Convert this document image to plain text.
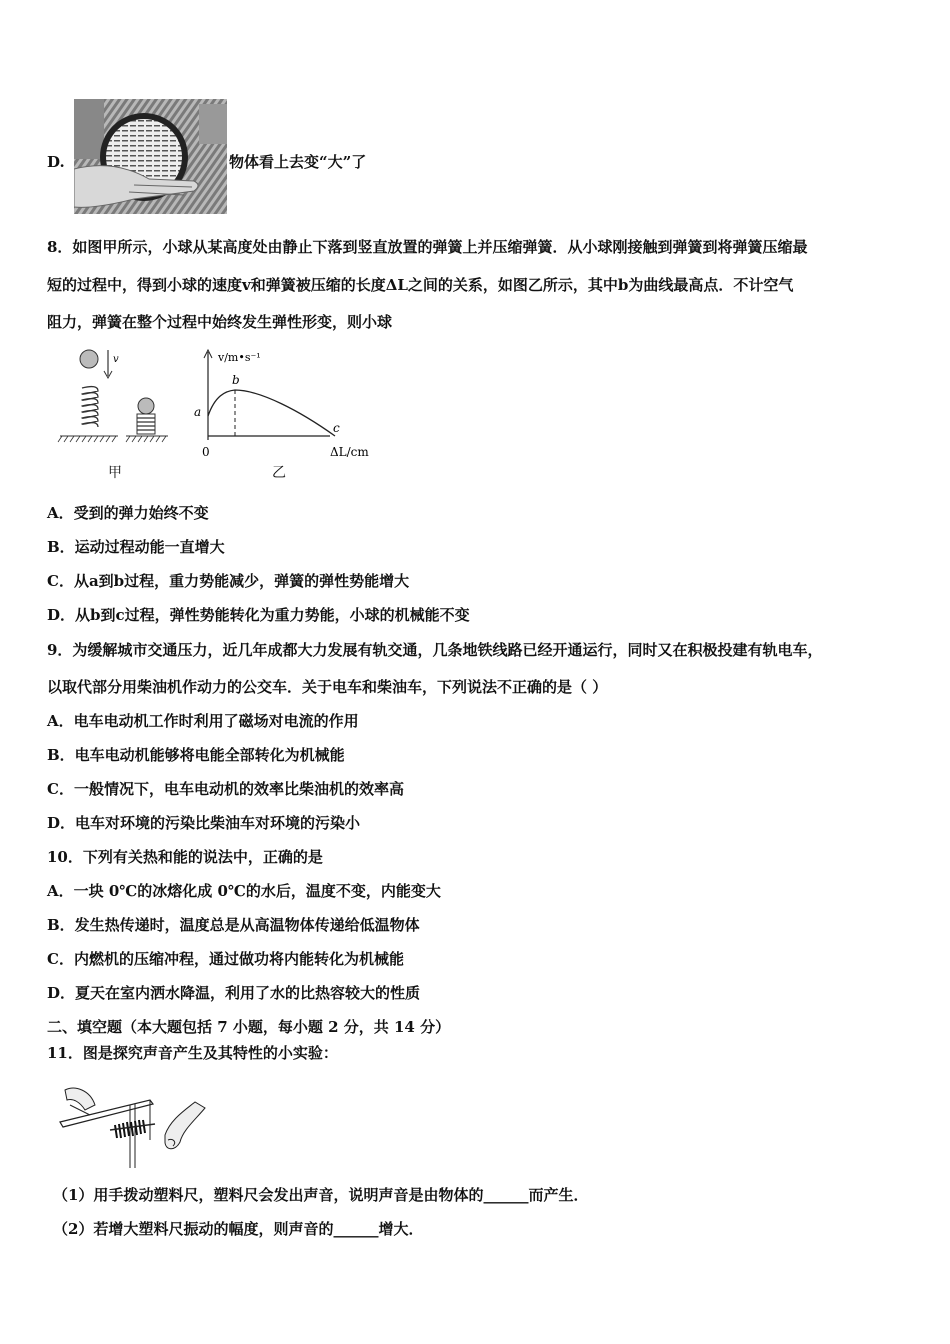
D.	物体看上去变“大”了
8．如图甲所示，小球从某高度处由静止下落到竖直放置的弹簧上并压缩弹簧．从小球刚接触到弹簧到将弹簧压缩最
短的过程中，得到小球的速度v和弹簧被压缩的长度ΔL之间的关系，如图乙所示，其中b为曲线最高点．不计空气
阻力，弹簧在整个过程中始终发生弹性形变，则小球
v
甲
v/m•s⁻¹
a
b
c
0	ΔL/cm
乙
A．受到的弹力始终不变
B．运动过程动能一直增大
C．从a到b过程，重力势能减少，弹簧的弹性势能增大
D．从b到c过程，弹性势能转化为重力势能，小球的机械能不变
9．为缓解城市交通压力，近几年成都大力发展有轨交通，几条地铁线路已经开通运行，同时又在积极投建有轨电车，
以取代部分用柴油机作动力的公交车．关于电车和柴油车，下列说法不正确的是（ ）
A．电车电动机工作时利用了磁场对电流的作用
B．电车电动机能够将电能全部转化为机械能
C．一般情况下，电车电动机的效率比柴油机的效率高
D．电车对环境的污染比柴油车对环境的污染小
10．下列有关热和能的说法中，正确的是
A．一块 0℃的冰熔化成 0℃的水后，温度不变，内能变大
B．发生热传递时，温度总是从高温物体传递给低温物体
C．内燃机的压缩冲程，通过做功将内能转化为机械能
D．夏天在室内洒水降温，利用了水的比热容较大的性质
二、填空题（本大题包括 7 小题，每小题 2 分，共 14 分）
11．图是探究声音产生及其特性的小实验：
（1）用手拨动塑料尺，塑料尺会发出声音，说明声音是由物体的______而产生．
（2）若增大塑料尺振动的幅度，则声音的______增大．
